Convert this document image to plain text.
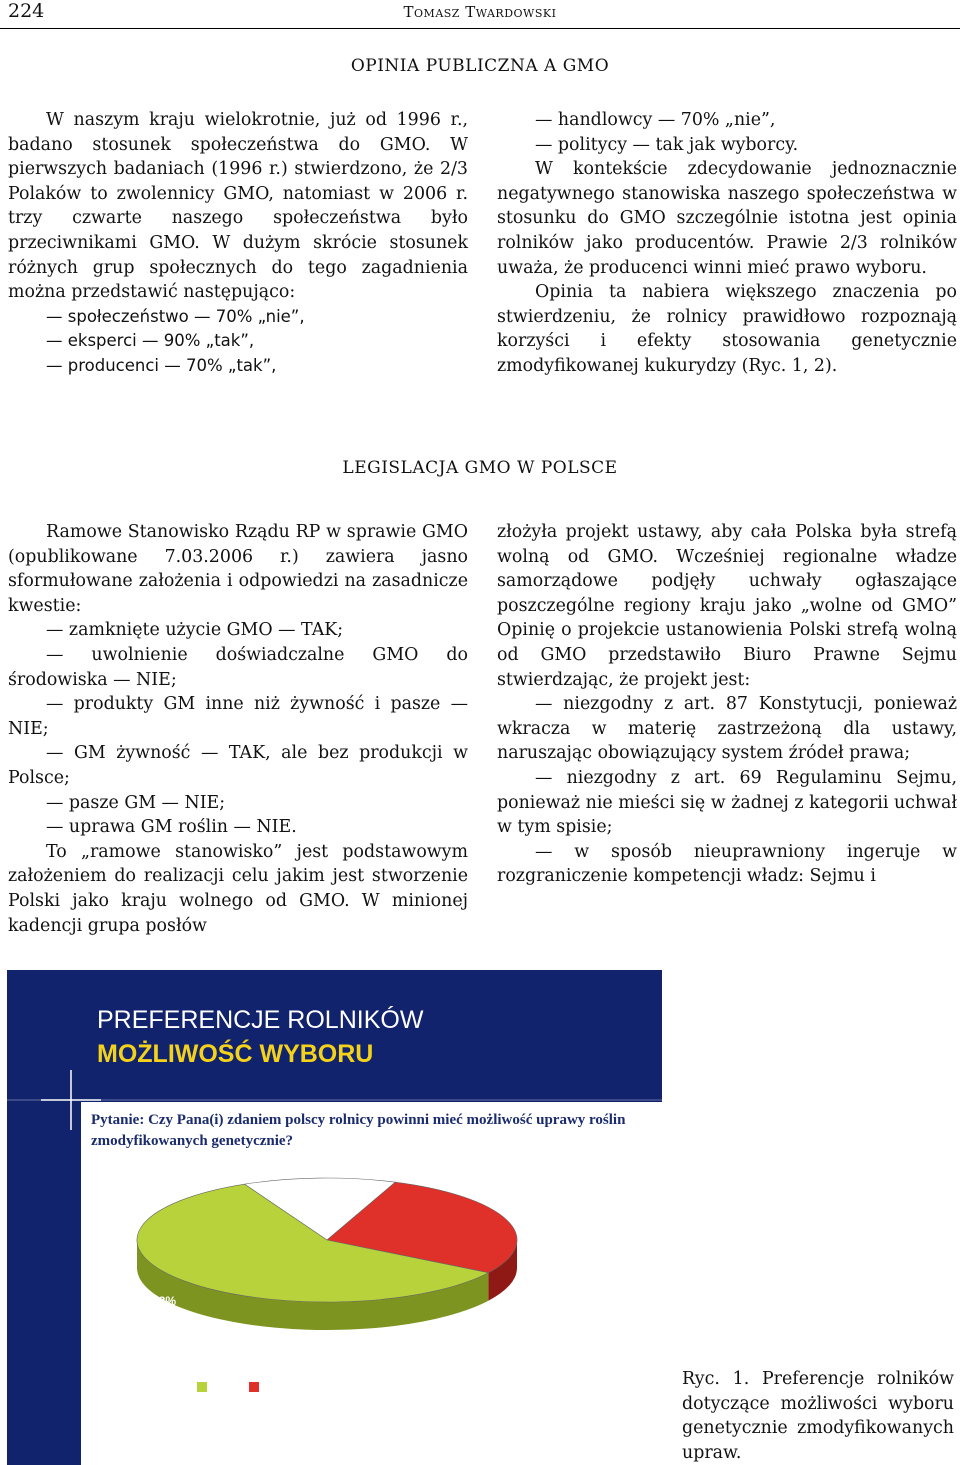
224	Tomasz Twardowski
OPINIA PUBLICZNA A GMO

W naszym kraju wielokrotnie, już od 1996 r., badano stosunek społeczeństwa do GMO. W pierwszych badaniach (1996 r.) stwierdzono, że 2/3 Polaków to zwolennicy GMO, natomiast w 2006 r. trzy czwarte naszego społeczeństwa było przeciwnikami GMO. W dużym skrócie stosunek różnych grup społecznych do tego zagadnienia można przedstawić następująco:

— społeczeństwo — 70% „nie”,

— eksperci — 90% „tak”,

— producenci — 70% „tak”,

— handlowcy — 70% „nie”,

— politycy — tak jak wyborcy.

W kontekście zdecydowanie jednoznacznie negatywnego stanowiska naszego społeczeństwa w stosunku do GMO szczególnie istotna jest opinia rolników jako producentów. Prawie 2/3 rolników uważa, że producenci winni mieć prawo wyboru.

Opinia ta nabiera większego znaczenia po stwierdzeniu, że rolnicy prawidłowo rozpoznają korzyści i efekty stosowania genetycznie zmodyfikowanej kukurydzy (Ryc. 1, 2).

LEGISLACJA GMO W POLSCE

Ramowe Stanowisko Rządu RP w sprawie GMO (opublikowane 7.03.2006 r.) zawiera jasno sformułowane założenia i odpowiedzi na zasadnicze kwestie:

— zamknięte użycie GMO — TAK;

— uwolnienie doświadczalne GMO do środowiska — NIE;

— produkty GM inne niż żywność i pasze — NIE;

— GM żywność — TAK, ale bez produkcji w Polsce;

— pasze GM — NIE;

— uprawa GM roślin — NIE.

To „ramowe stanowisko” jest podstawowym założeniem do realizacji celu jakim jest stworzenie Polski jako kraju wolnego od GMO. W minionej kadencji grupa posłów

złożyła projekt ustawy, aby cała Polska była strefą wolną od GMO. Wcześniej regionalne władze samorządowe podjęły uchwały ogłaszające poszczególne regiony kraju jako „wolne od GMO” Opinię o projekcie ustanowienia Polski strefą wolną od GMO przedstawiło Biuro Prawne Sejmu stwierdzając, że projekt jest:

— niezgodny z art. 87 Konstytucji, ponieważ wkracza w materię zastrzeżoną dla ustawy, naruszając obowiązujący system źródeł prawa;

— niezgodny z art. 69 Regulaminu Sejmu, ponieważ nie mieści się w żadnej z kategorii uchwał w tym spisie;

— w sposób nieuprawniony ingeruje w rozgraniczenie kompetencji władz: Sejmu i

PREFERENCJE ROLNIKÓW
MOŻLIWOŚĆ WYBORU
Pytanie: Czy Pana(i) zdaniem polscy rolnicy powinni mieć możliwość uprawy roślin zmodyfikowanych genetycznie?
59%
28%
13%
tak	nie	nie wiem, trudno powiedzieć	Ryc. 1. Preferencje rolników dotyczące możliwości wyboru genetycznie zmodyfikowanych upraw.
